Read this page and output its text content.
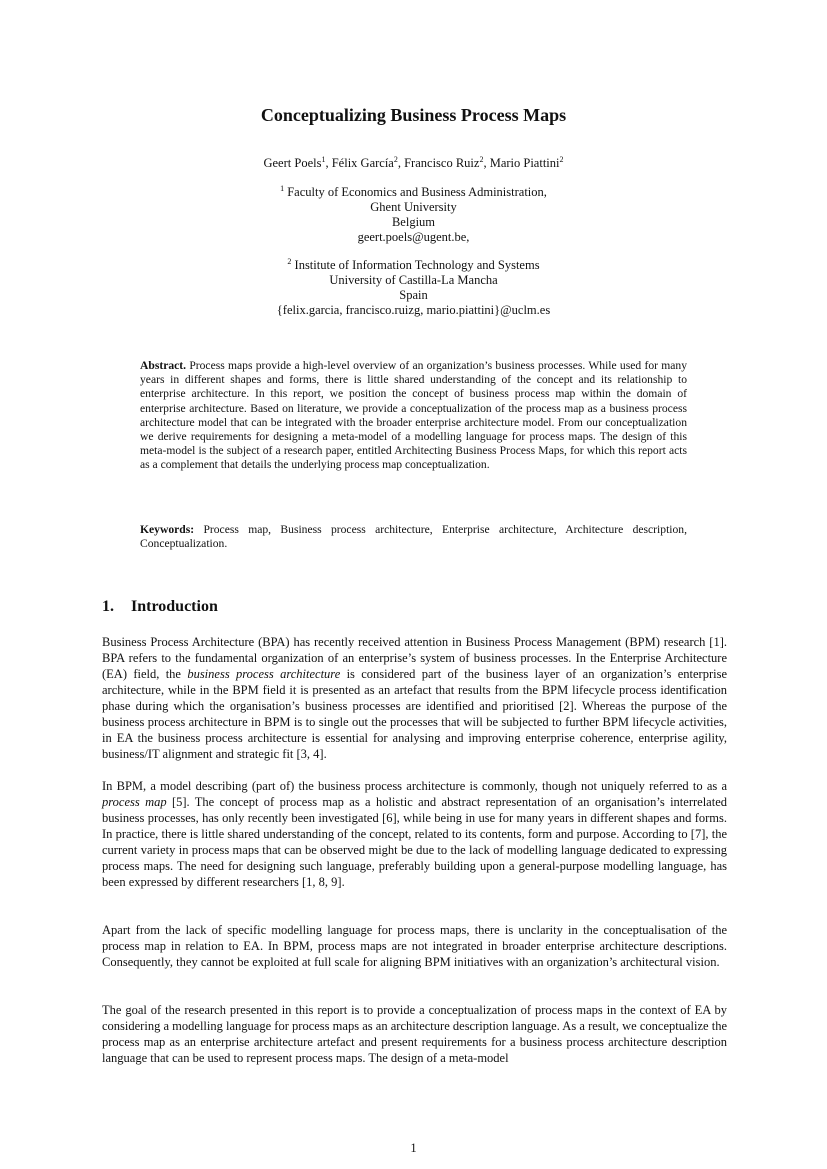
Conceptualizing Business Process Maps
Geert Poels$^1$, Félix García$^2$, Francisco Ruiz$^2$, Mario Piattini$^2$
$^1$ Faculty of Economics and Business Administration,
Ghent University
Belgium
geert.poels@ugent.be,
$^2$ Institute of Information Technology and Systems
University of Castilla-La Mancha
Spain
{felix.garcia, francisco.ruizg, mario.piattini}@uclm.es
Abstract. Process maps provide a high-level overview of an organization’s business processes. While used for many years in different shapes and forms, there is little shared understanding of the concept and its relationship to enterprise architecture. In this report, we position the concept of business process map within the domain of enterprise architecture. Based on literature, we provide a conceptualization of the process map as a business process architecture model that can be integrated with the broader enterprise architecture model. From our conceptualization we derive requirements for designing a meta-model of a modelling language for process maps. The design of this meta-model is the subject of a research paper, entitled Architecting Business Process Maps, for which this report acts as a complement that details the underlying process map conceptualization.
Keywords: Process map, Business process architecture, Enterprise architecture, Architecture description, Conceptualization.
1. Introduction
Business Process Architecture (BPA) has recently received attention in Business Process Management (BPM) research [1]. BPA refers to the fundamental organization of an enterprise’s system of business processes. In the Enterprise Architecture (EA) field, the business process architecture is considered part of the business layer of an organization’s enterprise architecture, while in the BPM field it is presented as an artefact that results from the BPM lifecycle process identification phase during which the organisation’s business processes are identified and prioritised [2]. Whereas the purpose of the business process architecture in BPM is to single out the processes that will be subjected to further BPM lifecycle activities, in EA the business process architecture is essential for analysing and improving enterprise coherence, enterprise agility, business/IT alignment and strategic fit [3, 4].
In BPM, a model describing (part of) the business process architecture is commonly, though not uniquely referred to as a process map [5]. The concept of process map as a holistic and abstract representation of an organisation’s interrelated business processes, has only recently been investigated [6], while being in use for many years in different shapes and forms. In practice, there is little shared understanding of the concept, related to its contents, form and purpose. According to [7], the current variety in process maps that can be observed might be due to the lack of modelling language dedicated to expressing process maps. The need for designing such language, preferably building upon a general-purpose modelling language, has been expressed by different researchers [1, 8, 9].
Apart from the lack of specific modelling language for process maps, there is unclarity in the conceptualisation of the process map in relation to EA. In BPM, process maps are not integrated in broader enterprise architecture descriptions. Consequently, they cannot be exploited at full scale for aligning BPM initiatives with an organization’s architectural vision.
The goal of the research presented in this report is to provide a conceptualization of process maps in the context of EA by considering a modelling language for process maps as an architecture description language. As a result, we conceptualize the process map as an enterprise architecture artefact and present requirements for a business process architecture description language that can be used to represent process maps. The design of a meta-model
1
